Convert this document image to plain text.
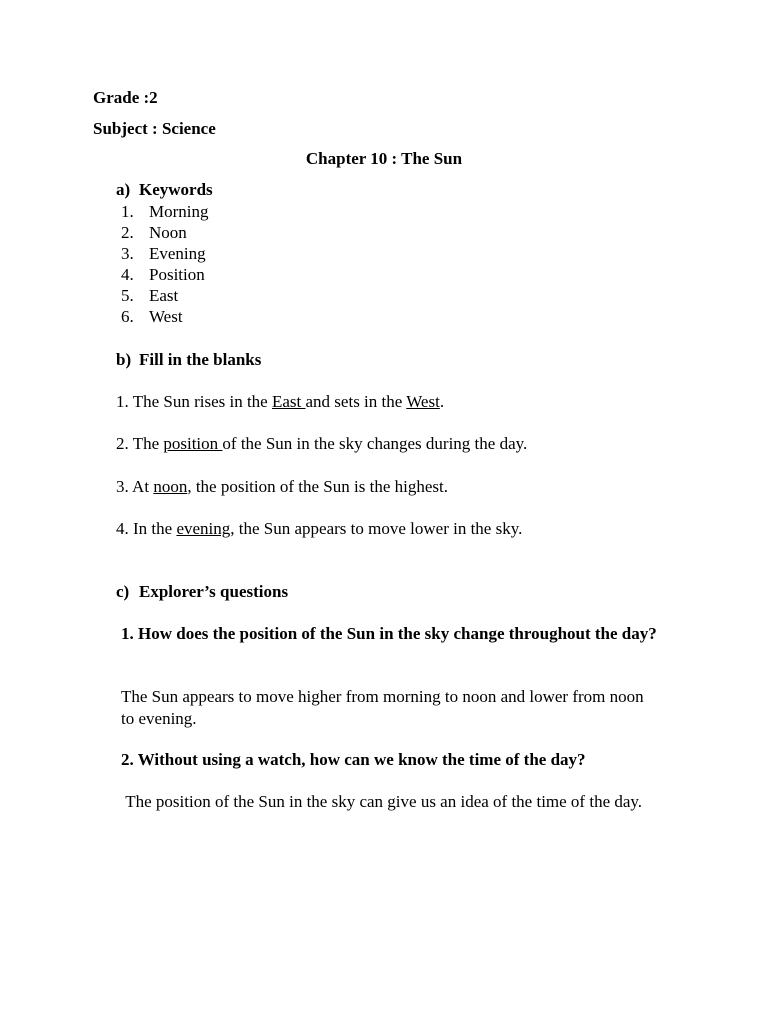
Grade :2
Subject : Science
Chapter 10 : The Sun
a) Keywords
1. Morning
2. Noon
3. Evening
4. Position
5. East
6. West
b) Fill in the blanks
1. The Sun rises in the East and sets in the West.
2. The position of the Sun in the sky changes during the day.
3. At noon, the position of the Sun is the highest.
4. In the evening, the Sun appears to move lower in the sky.
c) Explorer’s questions
1. How does the position of the Sun in the sky change throughout the day?
The Sun appears to move higher from morning to noon and lower from noon to evening.
2. Without using a watch, how can we know the time of the day?
The position of the Sun in the sky can give us an idea of the time of the day.
